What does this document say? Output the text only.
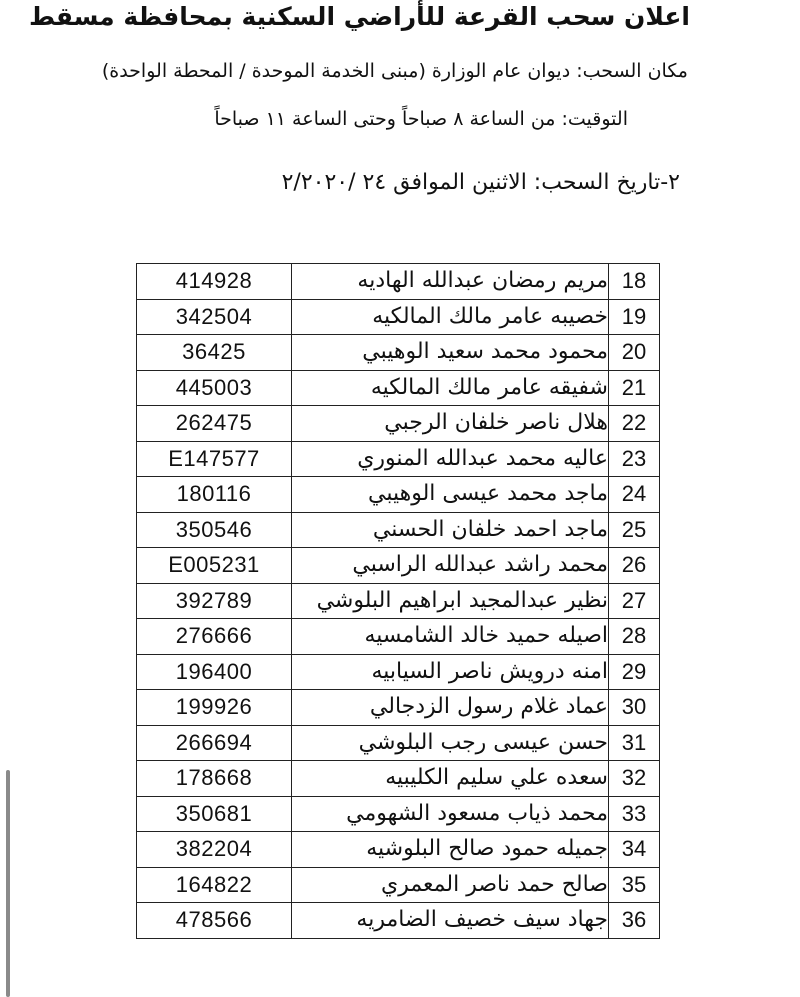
اعلان سحب القرعة للأراضي السكنية بمحافظة مسقط
مكان السحب: ديوان عام الوزارة (مبنى الخدمة الموحدة / المحطة الواحدة)
التوقيت: من الساعة ٨ صباحاً وحتى الساعة ١١ صباحاً
٢-تاريخ السحب: الاثنين الموافق ٢٤ /٢/٢٠٢٠
414928	مريم رمضان عبدالله الهاديه	18
342504	خصيبه عامر مالك المالكيه	19
36425	محمود محمد سعيد الوهيبي	20
445003	شفيقه عامر مالك المالكيه	21
262475	هلال ناصر خلفان الرجبي	22
E147577	عاليه محمد عبدالله المنوري	23
180116	ماجد محمد عيسى الوهيبي	24
350546	ماجد احمد خلفان الحسني	25
E005231	محمد راشد عبدالله الراسبي	26
392789	نظير عبدالمجيد ابراهيم البلوشي	27
276666	اصيله حميد خالد الشامسيه	28
196400	امنه درويش ناصر السيابيه	29
199926	عماد غلام رسول الزدجالي	30
266694	حسن عيسى رجب البلوشي	31
178668	سعده علي سليم الكليبيه	32
350681	محمد ذياب مسعود الشهومي	33
382204	جميله حمود صالح البلوشيه	34
164822	صالح حمد ناصر المعمري	35
478566	جهاد سيف خصيف الضامريه	36
